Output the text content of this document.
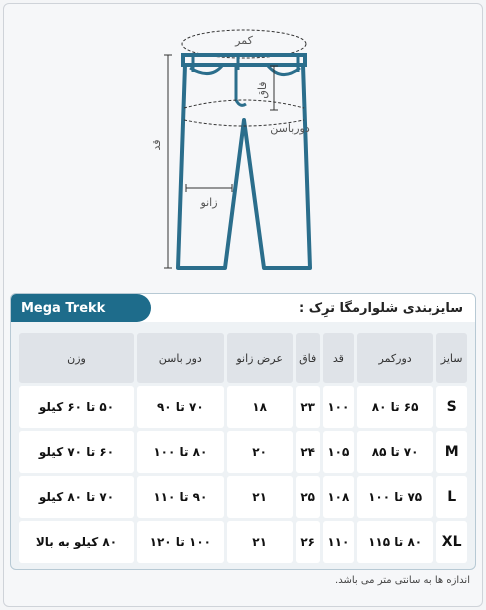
کمر
فاق
دورباسن
قد
زانو
Mega Trekk	سایزبندی شلوارمگا ترِک :
سایز	دورکمر	قد	فاق	عرض زانو	دور باسن	وزن
S	۶۵ تا ۸۰	۱۰۰	۲۳	۱۸	۷۰ تا ۹۰	۵۰ تا ۶۰ کیلو
M	۷۰ تا ۸۵	۱۰۵	۲۴	۲۰	۸۰ تا ۱۰۰	۶۰ تا ۷۰ کیلو
L	۷۵ تا ۱۰۰	۱۰۸	۲۵	۲۱	۹۰ تا ۱۱۰	۷۰ تا ۸۰ کیلو
XL	۸۰ تا ۱۱۵	۱۱۰	۲۶	۲۱	۱۰۰ تا ۱۲۰	۸۰ کیلو به بالا
اندازه ها به سانتی متر می باشد.
